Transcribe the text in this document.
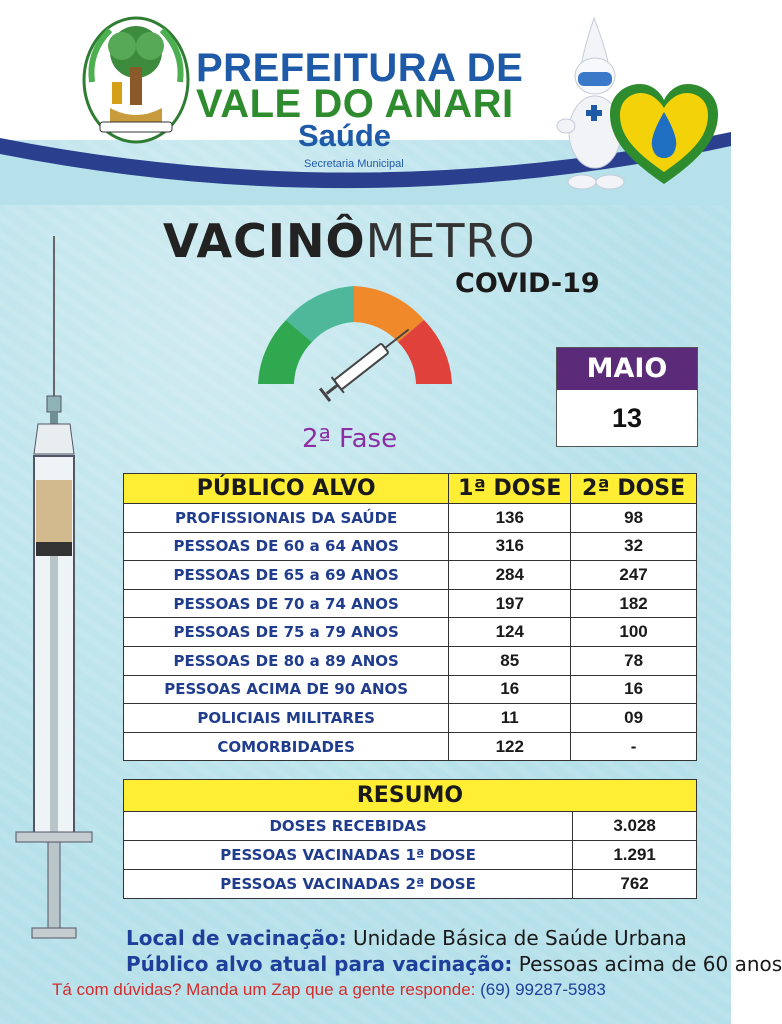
PREFEITURA DE
VALE DO ANARI
Saúde
Secretaria Municipal
VACINÔMETRO
COVID-19
2ª Fase
MAIO
13
PÚBLICO ALVO	1ª DOSE	2ª DOSE
PROFISSIONAIS DA SAÚDE	136	98
PESSOAS DE 60 a 64 ANOS	316	32
PESSOAS DE 65 a 69 ANOS	284	247
PESSOAS DE 70 a 74 ANOS	197	182
PESSOAS DE 75 a 79 ANOS	124	100
PESSOAS DE 80 a 89 ANOS	85	78
PESSOAS ACIMA DE 90 ANOS	16	16
POLICIAIS MILITARES	11	09
COMORBIDADES	122	-
RESUMO	
DOSES RECEBIDAS	3.028
PESSOAS VACINADAS 1ª DOSE	1.291
PESSOAS VACINADAS 2ª DOSE	762
Local de vacinação: Unidade Básica de Saúde Urbana
Público alvo atual para vacinação: Pessoas acima de 60 anos
Tá com dúvidas? Manda um Zap que a gente responde: (69) 99287-5983
